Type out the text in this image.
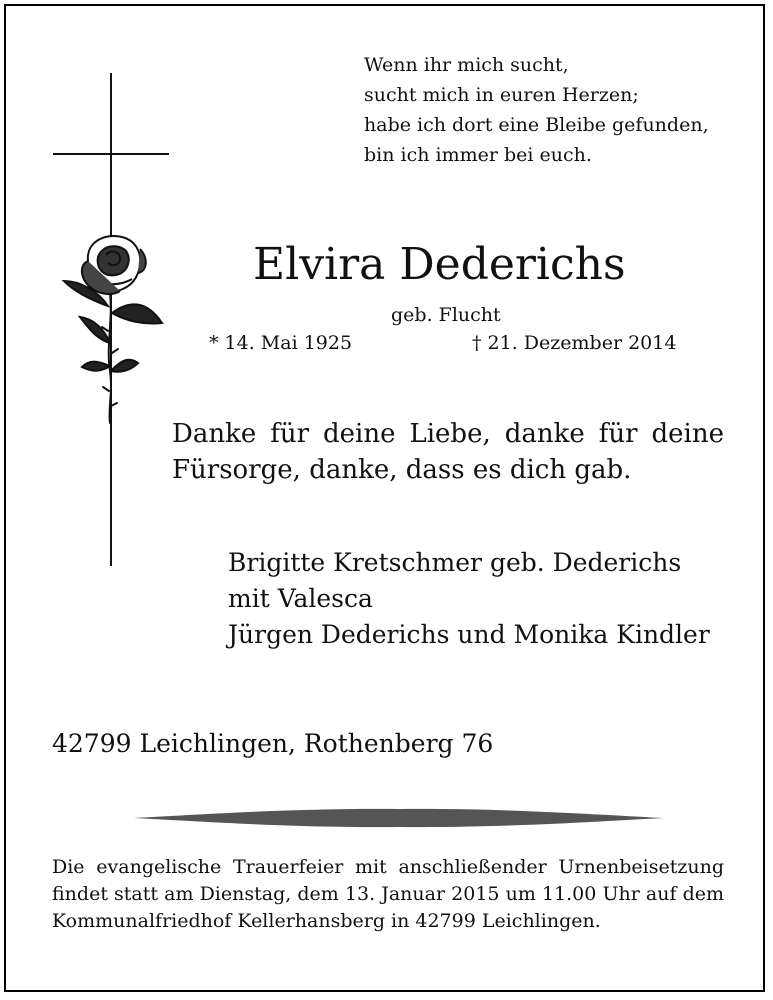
Wenn ihr mich sucht,
sucht mich in euren Herzen;
habe ich dort eine Bleibe gefunden,
bin ich immer bei euch.
Elvira Dederichs
geb. Flucht
* 14. Mai 1925	† 21. Dezember 2014
Danke für deine Liebe, danke für deine Fürsorge, danke, dass es dich gab.
Brigitte Kretschmer geb. Dederichs
mit Valesca
Jürgen Dederichs und Monika Kindler
42799 Leichlingen, Rothenberg 76
Die evangelische Trauerfeier mit anschließender Urnenbeisetzung findet statt am Dienstag, dem 13. Januar 2015 um 11.00 Uhr auf dem Kommunalfriedhof Kellerhansberg in 42799 Leichlingen.
